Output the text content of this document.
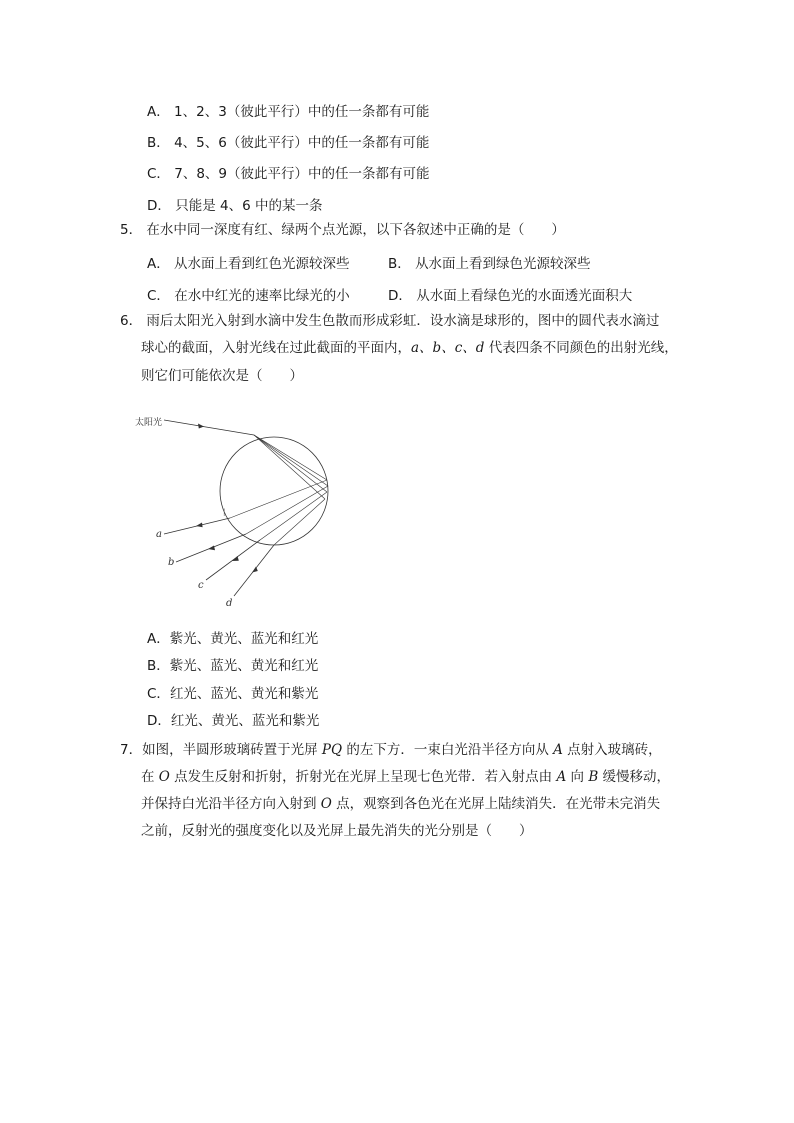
A． 1、2、3（彼此平行）中的任一条都有可能
B． 4、5、6（彼此平行）中的任一条都有可能
C． 7、8、9（彼此平行）中的任一条都有可能
D． 只能是 4、6 中的某一条
5． 在水中同一深度有红、绿两个点光源，以下各叙述中正确的是（　　）
A． 从水面上看到红色光源较深些	B． 从水面上看到绿色光源较深些
C． 在水中红光的速率比绿光的小	D． 从水面上看绿色光的水面透光面积大
6． 雨后太阳光入射到水滴中发生色散而形成彩虹．设水滴是球形的，图中的圆代表水滴过
球心的截面，入射光线在过此截面的平面内，a、b、c、d 代表四条不同颜色的出射光线，
则它们可能依次是（　　）
太阳光
|
a
b
c
d
A．紫光、黄光、蓝光和红光
B．紫光、蓝光、黄光和红光
C．红光、蓝光、黄光和紫光
D．红光、黄光、蓝光和紫光
7．如图，半圆形玻璃砖置于光屏 PQ 的左下方．一束白光沿半径方向从 A 点射入玻璃砖，
在 O 点发生反射和折射，折射光在光屏上呈现七色光带．若入射点由 A 向 B 缓慢移动，
并保持白光沿半径方向入射到 O 点，观察到各色光在光屏上陆续消失．在光带未完消失
之前，反射光的强度变化以及光屏上最先消失的光分别是（　　）
